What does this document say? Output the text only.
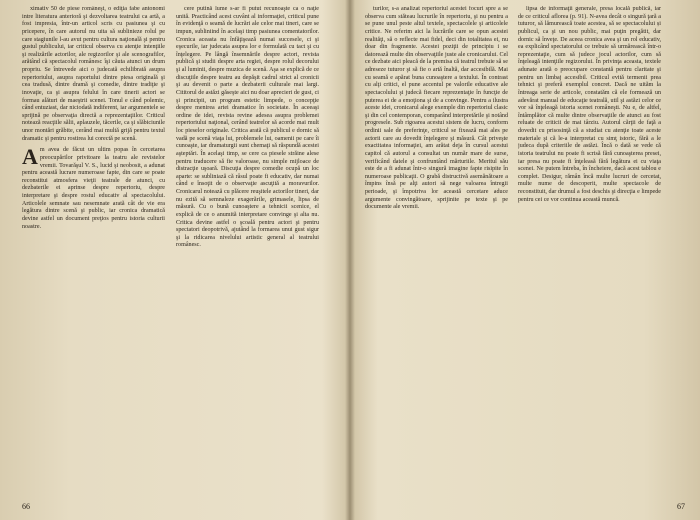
ximativ 50 de piese româneşt, o ediţia fabe antonomi intre literatura anterioră şi dezvoltarea teatrului ca artă, a fost impresia, într-un articol scris cu pasiunea şi cu pricepere, în care autorul nu uita să sublinieze rolul pe care stagiunile l-au avut pentru cultura naţională şi pentru gustul publicului, iar criticul observa cu atenţie intenţiile şi realizările actorilor, ale regizorilor şi ale scenografilor, arătând că spectacolul românesc îşi căuta atunci un drum propriu. Se întrevede aici o judecată echilibrată asupra repertoriului, asupra raportului dintre piesa originală şi cea tradusă, dintre dramă şi comedie, dintre tradiţie şi inovaţie, ca şi asupra felului în care tinerii actori se formau alături de maeştrii scenei. Tonul e când polemic, când entuziast, dar niciodată indiferent, iar argumentele se sprijină pe observaţia directă a reprezentaţiilor. Criticul notează reacţiile sălii, aplauzele, tăcerile, ca şi slăbiciunile unor montări grăbite, cerând mai multă grijă pentru textul dramatic şi pentru rostirea lui corectă pe scenă.

Am avea de făcut un ultim popas în cercetarea preocupărilor privitoare la teatru ale revistelor vremii. Tovarăşul V. S., lucid şi neobosit, a adunat pentru această lucrare numeroase fapte, din care se poate reconstitui atmosfera vieţii teatrale de atunci, cu dezbaterile ei aprinse despre repertoriu, despre interpretare şi despre rostul educativ al spectacolului. Articolele semnate sau nesemnate arată cât de vie era legătura dintre scenă şi public, iar cronica dramatică devine astfel un document preţios pentru istoria culturii noastre.

cere putină lume s-ar fi putut recunoaşte ca o naţie unită. Practicând acest cuvânt al informaţiei, criticul pune în evidenţă o seamă de lucrări ale celor mai tineri, care se impun, subliniind în acelaşi timp pasiunea comentatorilor. Cronica aceasta nu înfăţişează numai succesele, ci şi eşecurile, iar judecata asupra lor e formulată cu tact şi cu înţelegere. Pe lângă însemnările despre actori, revista publică şi studii despre arta regiei, despre rolul decorului şi al luminii, despre muzica de scenă. Aşa se explică de ce discuţiile despre teatru au depăşit cadrul strict al cronicii şi au devenit o parte a dezbaterii culturale mai largi. Cititorul de astăzi găseşte aici nu doar aprecieri de gust, ci şi principii, un program estetic limpede, o concepţie despre menirea artei dramatice în societate. În aceeaşi ordine de idei, revista revine adesea asupra problemei repertoriului naţional, cerând teatrelor să acorde mai mult loc pieselor originale. Critica arată că publicul e dornic să vadă pe scenă viaţa lui, problemele lui, oamenii pe care îi cunoaşte, iar dramaturgii sunt chemaţi să răspundă acestei aşteptări. În acelaşi timp, se cere ca piesele străine alese pentru traducere să fie valoroase, nu simple mijloace de distracţie uşoară. Discuţia despre comedie ocupă un loc aparte: se subliniază că râsul poate fi educativ, dar numai când e însoţit de o observaţie ascuţită a moravurilor. Cronicarul notează cu plăcere reuşitele actorilor tineri, dar nu ezită să semnaleze exagerările, grimasele, lipsa de măsură. Cu o bună cunoaştere a tehnicii scenice, el explică de ce o anumită interpretare convinge şi alta nu. Critica devine astfel o şcoală pentru actori şi pentru spectatori deopotrivă, ajutând la formarea unui gust sigur şi la ridicarea nivelului artistic general al teatrului românesc.

66

turilor, s-a analizat repertoriul acestei focuri spre a se observa cum stăteau lucrurile în repertoriu, şi nu pentru a se pune unul peste altul textele, spectacolele şi articolele critice. Ne referim aici la lucrările care se opun acestei realităţi, să o reflecte mai fidel, deci din totalitatea ei, nu doar din fragmente. Acestei poziţii de principiu i se datorează multe din observaţiile juste ale cronicarului. Cel ce dezbate aici pleacă de la premisa că teatrul trebuie să se adreseze tuturor şi să fie o artă înaltă, dar accesibilă. Mai cu seamă e apărat buna cunoaştere a textului. În contrast cu alţi critici, el pune accentul pe valorile educative ale spectacolului şi judecă fiecare reprezentaţie în funcţie de puterea ei de a emoţiona şi de a convinge. Pentru a ilustra aceste idei, cronicarul alege exemple din repertoriul clasic şi din cel contemporan, comparând interpretările şi notând progresele. Sub rigoarea acestui sistem de lucru, conform ordinii sale de preferinţe, criticul se fixează mai ales pe actorii care au dovedit înţelegere şi măsură. Cât priveşte exactitatea informaţiei, am arătat deja în cursul acestui capitol că autorul a consultat un număr mare de surse, verificând datele şi confruntând mărturiile. Meritul său este de a fi adunat într-o singură imagine fapte risipite în numeroase publicaţii. O grabă distructivă asemănătoare a împins însă pe alţi autori să nege valoarea întregii perioade, şi împotriva lor această cercetare aduce argumente convingătoare, sprijinite pe texte şi pe documente ale vremii.

lipsa de informaţii generale, presa locală publică, iar de ce criticul aflorea (p. 91). N-avea decât o singură ţară a tuturor, să lămurească toate acestea, să se spectacolului și publicul, ca şi un nou public, mai puţin pregătit, dar dornic să înveţe. De aceea cronica avea şi un rol educativ, ea explicând spectatorului ce trebuie să urmărească într-o reprezentaţie, cum să judece jocul actorilor, cum să înţeleagă intenţiile regizorului. În privinţa aceasta, textele adunate arată o preocupare constantă pentru claritate şi pentru un limbaj accesibil. Criticul evită termenii prea tehnici şi preferă exemplul concret. Dacă ne uităm la întreaga serie de articole, constatăm că ele formează un adevărat manual de educaţie teatrală, util şi astăzi celor ce vor să înţeleagă istoria scenei româneşti. Nu e, de altfel, întâmplător că multe dintre observaţiile de atunci au fost reluate de criticii de mai târziu. Autorul cărţii de faţă a dovedit cu prisosinţă că a studiat cu atenţie toate aceste materiale şi că le-a interpretat cu simţ istoric, fără a le judeca după criteriile de astăzi. Încă o dată se vede că istoria teatrului nu poate fi scrisă fără cunoaşterea presei, iar presa nu poate fi înţeleasă fără legătura ei cu viaţa scenei. Ne putem întreba, în încheiere, dacă acest tablou e complet. Desigur, rămân încă multe lucruri de cercetat, multe nume de descoperit, multe spectacole de reconstituit, dar drumul a fost deschis şi direcţia e limpede pentru cei ce vor continua această muncă.

67
